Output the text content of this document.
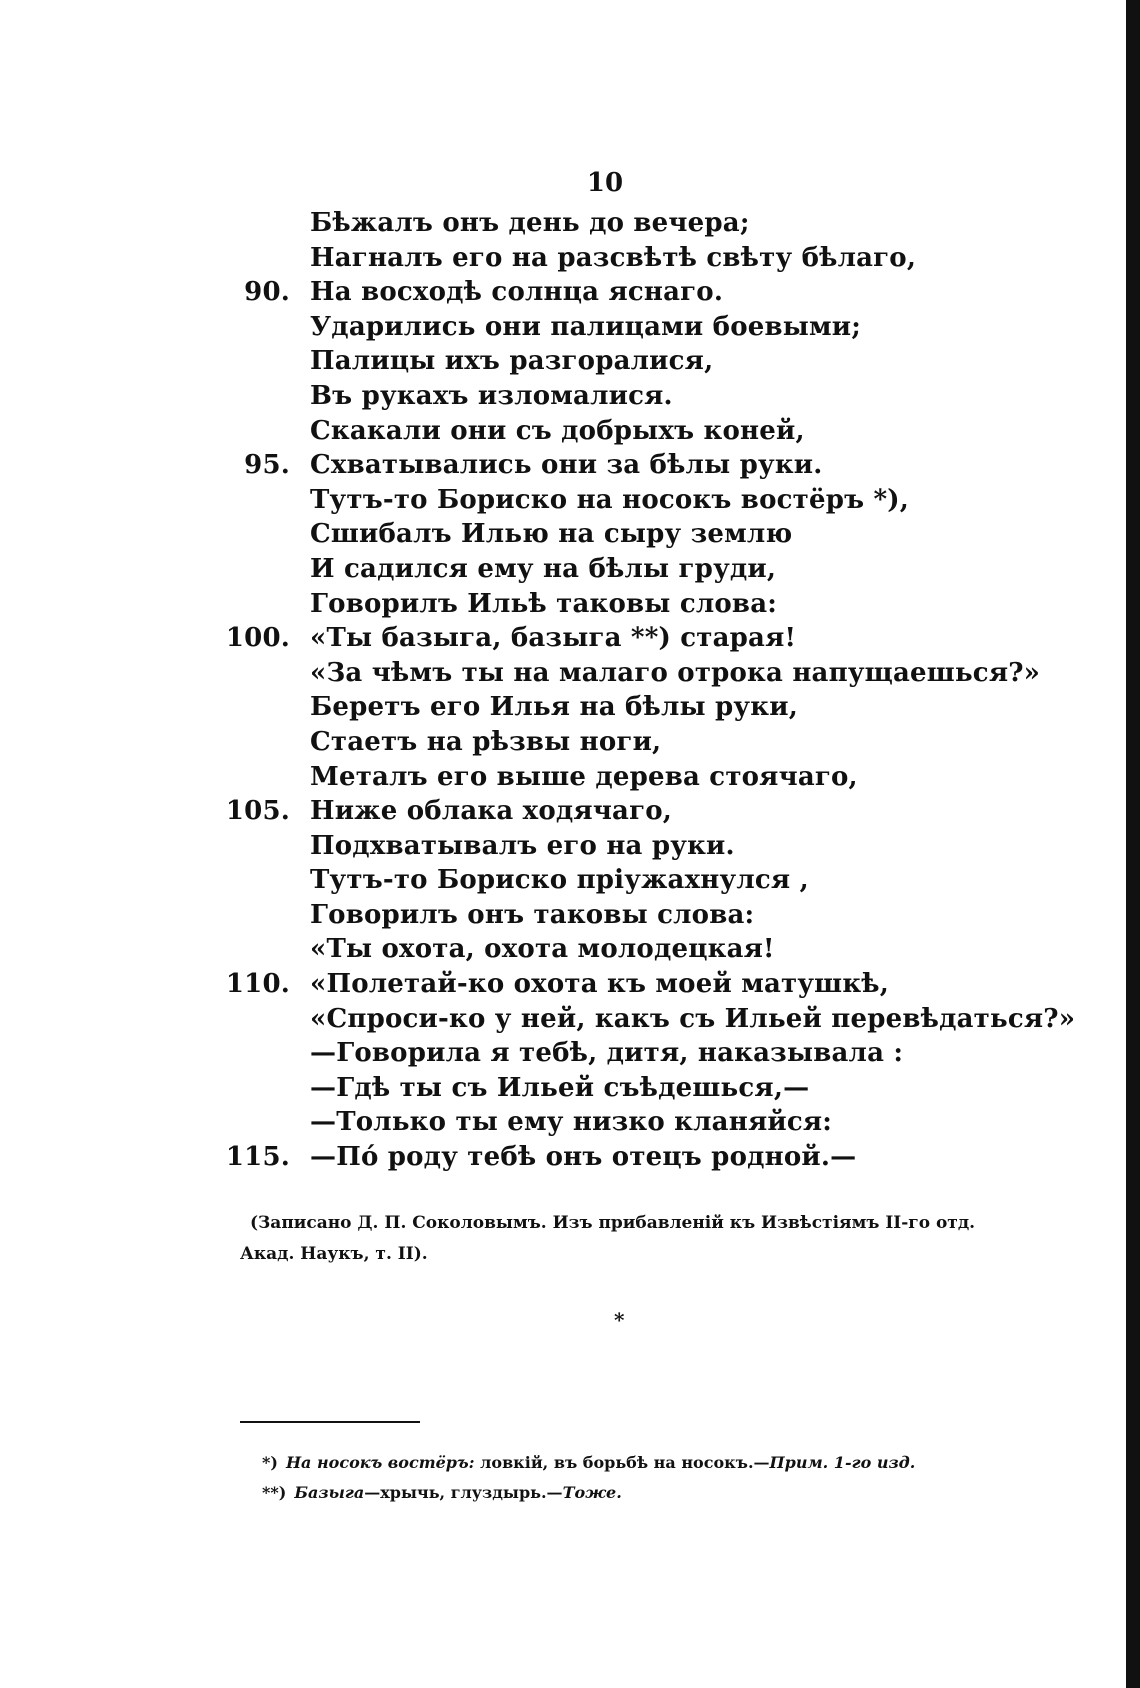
10
Бѣжалъ онъ день до вечера;
Нагналъ его на разсвѣтѣ свѣту бѣлаго,
90. На восходѣ солнца яснаго.
Ударились они палицами боевыми;
Палицы ихъ разгоралися,
Въ рукахъ изломалися.
Скакали они съ добрыхъ коней,
95. Схватывались они за бѣлы руки.
Тутъ-то Бориско на носокъ востёръ *),
Сшибалъ Илью на сыру землю
И садился ему на бѣлы груди,
Говорилъ Ильѣ таковы слова:
100. «Ты базыга, базыга **) старая!
«За чѣмъ ты на малаго отрока напущаешься?»
Беретъ его Илья на бѣлы руки,
Стаетъ на рѣзвы ноги,
Металъ его выше дерева стоячаго,
105. Ниже облака ходячаго,
Подхватывалъ его на руки.
Тутъ-то Бориско пріужахнулся ,
Говорилъ онъ таковы слова:
«Ты охота, охота молодецкая!
110. «Полетай-ко охота къ моей матушкѣ,
«Спроси-ко у ней, какъ съ Ильей перевѣдаться?»
—Говорила я тебѣ, дитя, наказывала :
—Гдѣ ты съ Ильей съѣдешься,—
—Только ты ему низко кланяйся:
115. —Пó роду тебѣ онъ отецъ родной.—
(Записано Д. П. Соколовымъ. Изъ прибавленій къ Извѣстіямъ II-го отд. Акад. Наукъ, т. II).
*
*) На носокъ востёръ: ловкій, въ борьбѣ на носокъ.—Прим. 1-го изд.
**) Базыга—хрычь, глуздырь.—Тоже.
